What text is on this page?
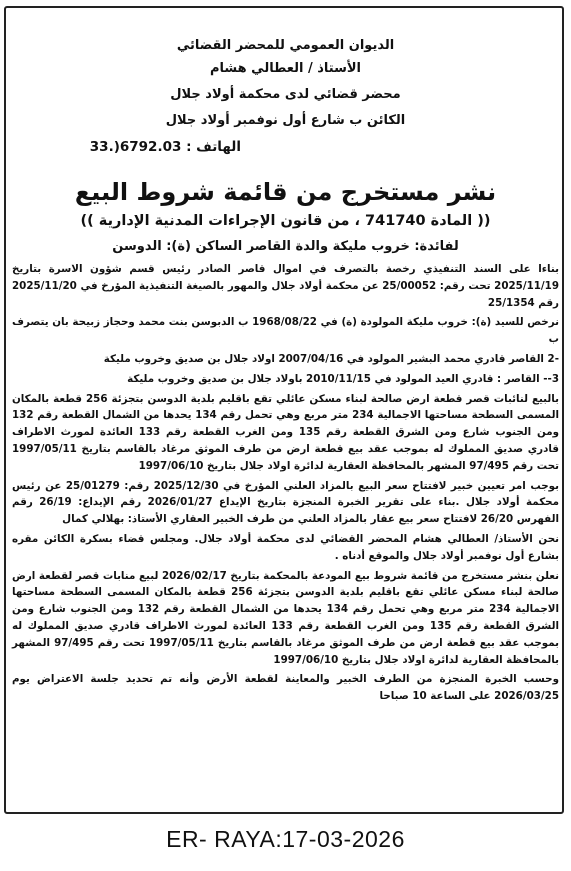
الديوان العمومي للمحضر القضائي
الأستاذ / العطالي هشام
محضر قضائي لدى محكمة أولاد جلال
الكائن ب شارع أول نوفمبر أولاد جلال
الهاتف : 33.)6792.03
نشر مستخرج من قائمة شروط البيع
(( المادة 741740 ، من قانون الإجراءات المدنية الإدارية ))
لفائدة: خروب مليكة والدة القاصر الساكن (ة): الدوسن

بناءا على السند التنفيذي رخصة بالتصرف في اموال قاصر الصادر رئيس قسم شؤون الاسرة بتاريخ 2025/11/19 تحت رقم: 25/00052 عن محكمة أولاد جلال والمهور بالصيغة التنفيذية المؤرخ في 2025/11/20 رقم 25/1354

نرخص للسيد (ة): خروب مليكة المولودة (ة) في 1968/08/22 ب الدبوسن بنت محمد وحجاز زبيحة بان يتصرف ب

-2 القاصر قادري محمد البشير المولود في 2007/04/16 اولاد جلال بن صديق وخروب مليكة

3-- القاصر : قادري العيد المولود في 2010/11/15 باولاد جلال بن صديق وخروب مليكة

بالبيع لنائبات قصر قطعة ارض صالحة لبناء مسكن عائلي تقع باقليم بلدية الدوسن بتجزئة 256 قطعة بالمكان المسمى السطحة مساحتها الاجمالية 234 متر مربع وهي تحمل رقم 134 يحدها من الشمال القطعة رقم 132 ومن الجنوب شارع ومن الشرق القطعة رقم 135 ومن الغرب القطعة رقم 133 العائدة لمورث الاطراف قادري صديق المملوك له بموجب عقد بيع قطعة ارض من طرف الموثق مرغاد بالقاسم بتاريخ 1997/05/11 تحت رقم 97/495 المشهر بالمحافظة العقارية لدائرة اولاد جلال بتاريخ 1997/06/10

بوجب امر تعيين خبير لافتتاح سعر البيع بالمزاد العلني المؤرخ في 2025/12/30 رقم: 25/01279 عن رئيس محكمة أولاد جلال .بناء على تقرير الخبرة المنجزة بتاريخ الإيداع 2026/01/27 رقم الإيداع: 26/19 رقم الفهرس 26/20 لافتتاح سعر بيع عقار بالمزاد العلني من طرف الخبير العقاري الأستاذ: بهلالي كمال

نحن الأستاذ/ العطالي هشام المحضر القضائي لدى محكمة أولاد جلال. ومجلس قضاء بسكرة الكائن مقره بشارع أول نوفمبر أولاد جلال والموقع أدناه .

نعلن بنشر مستخرج من قائمة شروط بيع المودعة بالمحكمة بتاريخ 2026/02/17 لبيع منابات قصر لقطعة ارض صالحة لبناء مسكن عائلي تقع باقليم بلدية الدوسن بتجزئة 256 قطعة بالمكان المسمى السطحة مساحتها الاجمالية 234 متر مربع وهي تحمل رقم 134 يحدها من الشمال القطعة رقم 132 ومن الجنوب شارع ومن الشرق القطعة رقم 135 ومن الغرب القطعة رقم 133 العائدة لمورث الاطراف قادري صديق المملوك له بموجب عقد بيع قطعة ارض من طرف الموثق مرغاد بالقاسم بتاريخ 1997/05/11 تحت رقم 97/495 المشهر بالمحافظة العقارية لدائرة اولاد جلال بتاريخ 1997/06/10

وحسب الخبرة المنجزة من الطرف الخبير والمعاينة لقطعة الأرض وأنه تم تحديد جلسة الاعتراض يوم 2026/03/25 على الساعة 10 صباحا

ER- RAYA:17-03-2026
